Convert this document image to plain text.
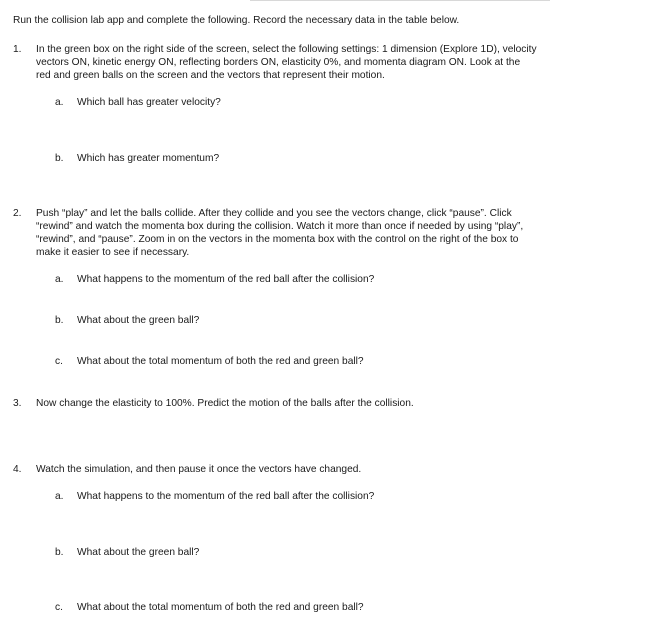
Run the collision lab app and complete the following. Record the necessary data in the table below.
1. In the green box on the right side of the screen, select the following settings: 1 dimension (Explore 1D), velocity
vectors ON, kinetic energy ON, reflecting borders ON, elasticity 0%, and momenta diagram ON. Look at the
red and green balls on the screen and the vectors that represent their motion.
a. Which ball has greater velocity?
b. Which has greater momentum?
2. Push “play” and let the balls collide. After they collide and you see the vectors change, click “pause”. Click
“rewind” and watch the momenta box during the collision. Watch it more than once if needed by using “play”,
“rewind”, and “pause”. Zoom in on the vectors in the momenta box with the control on the right of the box to
make it easier to see if necessary.
a. What happens to the momentum of the red ball after the collision?
b. What about the green ball?
c. What about the total momentum of both the red and green ball?
3. Now change the elasticity to 100%. Predict the motion of the balls after the collision.
4. Watch the simulation, and then pause it once the vectors have changed.
a. What happens to the momentum of the red ball after the collision?
b. What about the green ball?
c. What about the total momentum of both the red and green ball?
